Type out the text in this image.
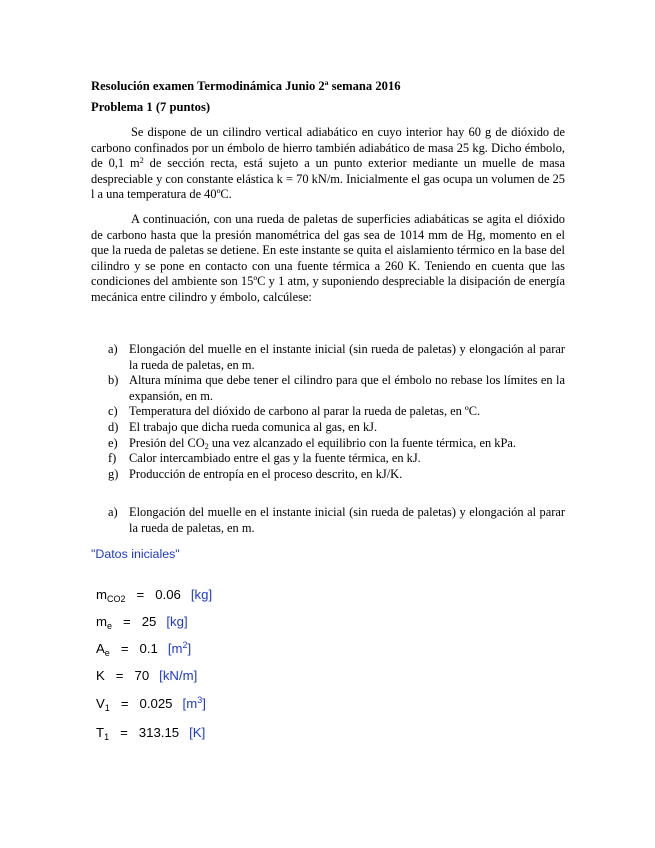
Resolución examen Termodinámica Junio 2ª semana 2016
Problema 1 (7 puntos)
Se dispone de un cilindro vertical adiabático en cuyo interior hay 60 g de dióxido de carbono confinados por un émbolo de hierro también adiabático de masa 25 kg. Dicho émbolo, de 0,1 $m^2$ de sección recta, está sujeto a un punto exterior mediante un muelle de masa despreciable y con constante elástica k = 70 kN/m. Inicialmente el gas ocupa un volumen de 25 l a una temperatura de 40ºC.
A continuación, con una rueda de paletas de superficies adiabáticas se agita el dióxido de carbono hasta que la presión manométrica del gas sea de 1014 mm de Hg, momento en el que la rueda de paletas se detiene. En este instante se quita el aislamiento térmico en la base del cilindro y se pone en contacto con una fuente térmica a 260 K. Teniendo en cuenta que las condiciones del ambiente son 15ºC y 1 atm, y suponiendo despreciable la disipación de energía mecánica entre cilindro y émbolo, calcúlese:
a) Elongación del muelle en el instante inicial (sin rueda de paletas) y elongación al parar la rueda de paletas, en m.
b) Altura mínima que debe tener el cilindro para que el émbolo no rebase los límites en la expansión, en m.
c) Temperatura del dióxido de carbono al parar la rueda de paletas, en ºC.
d) El trabajo que dicha rueda comunica al gas, en kJ.
e) Presión del $CO_2$ una vez alcanzado el equilibrio con la fuente térmica, en kPa.
f) Calor intercambiado entre el gas y la fuente térmica, en kJ.
g) Producción de entropía en el proceso descrito, en kJ/K.
a) Elongación del muelle en el instante inicial (sin rueda de paletas) y elongación al parar la rueda de paletas, en m.
"Datos iniciales"
$m_{CO2} = 0.06$ [kg]
$m_e = 25$ [kg]
$A_e = 0.1$ $[m^2]$
K = 70 [kN/m]
$V_1 = 0.025$ $[m^3]$
$T_1 = 313.15$ [K]
